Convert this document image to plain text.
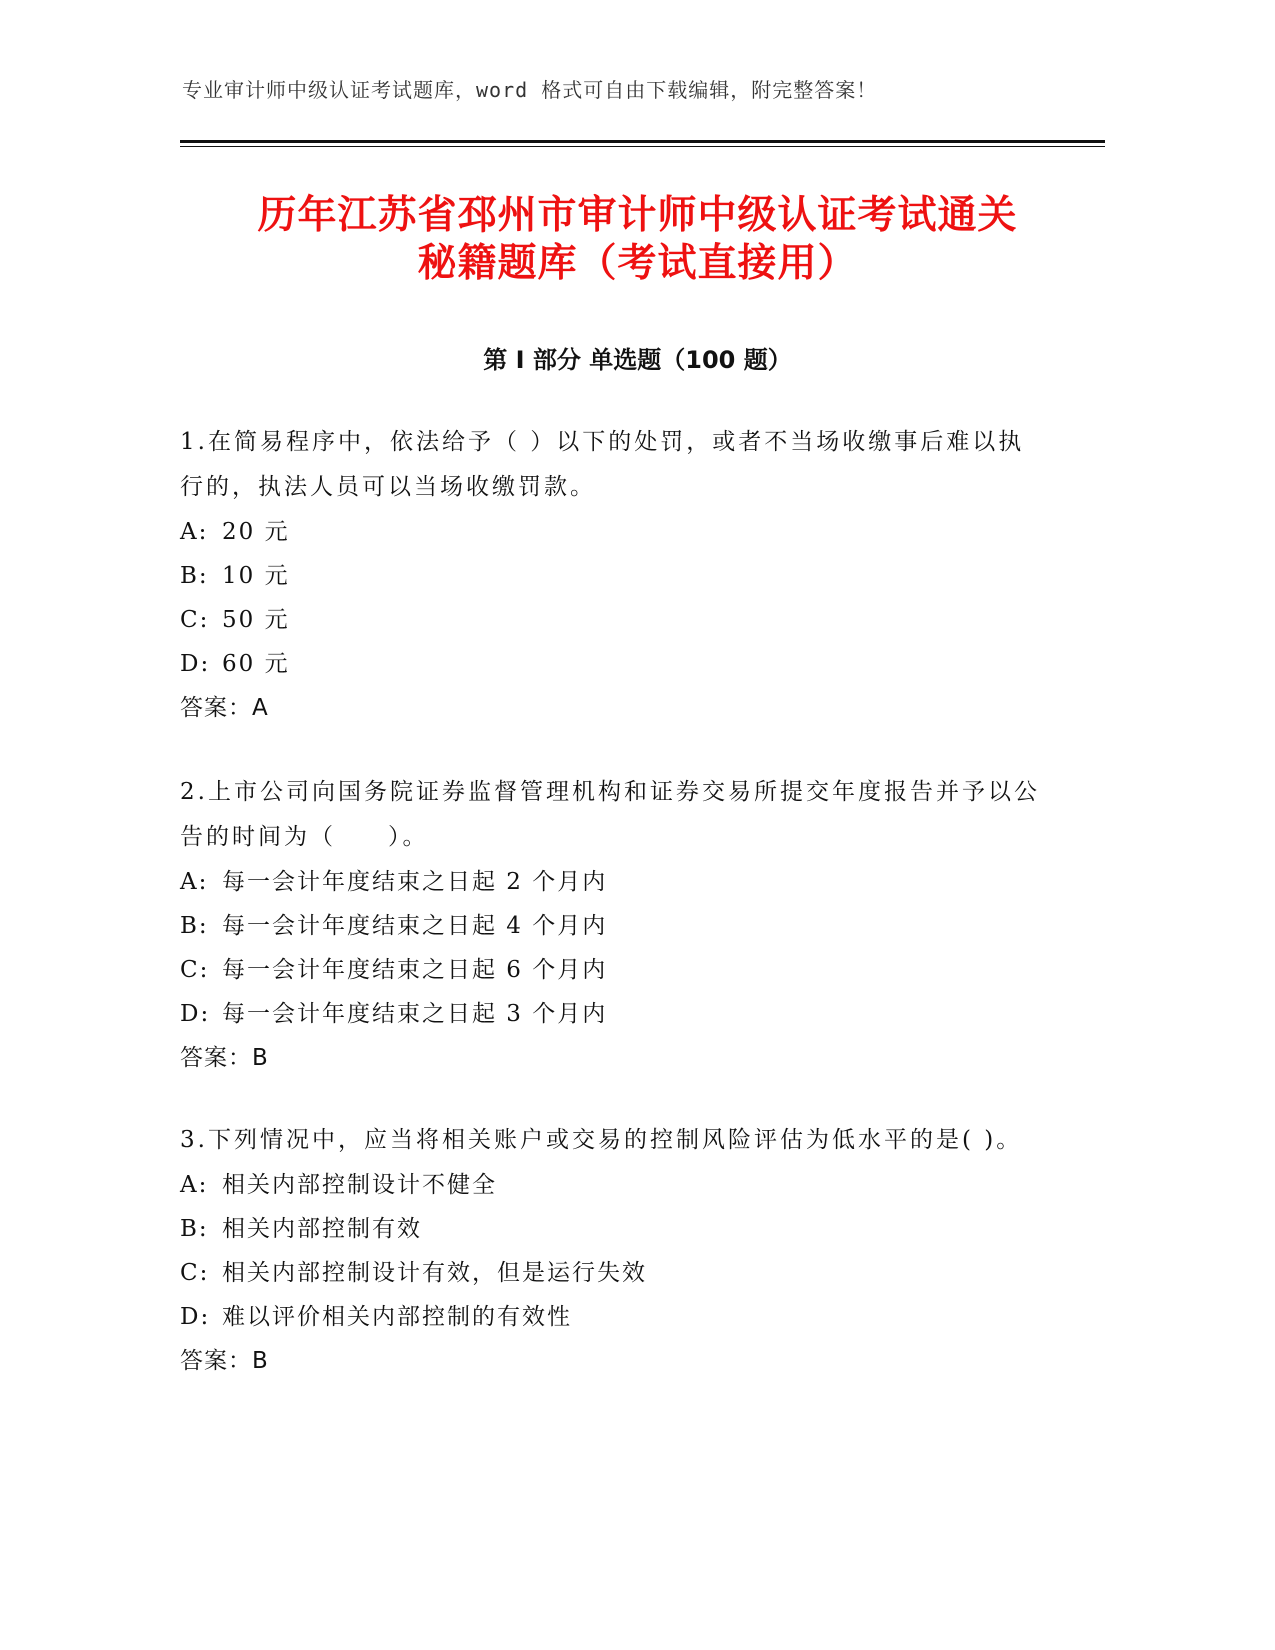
专业审计师中级认证考试题库，word 格式可自由下载编辑，附完整答案！
历年江苏省邳州市审计师中级认证考试通关
秘籍题库（考试直接用）
第 I 部分 单选题（100 题）

1.在简易程序中，依法给予（ ）以下的处罚，或者不当场收缴事后难以执行的，执法人员可以当场收缴罚款。

A: 20 元
B: 10 元
C: 50 元
D: 60 元
答案：A

2.上市公司向国务院证券监督管理机构和证券交易所提交年度报告并予以公告的时间为（　　）。

A: 每一会计年度结束之日起 2 个月内
B: 每一会计年度结束之日起 4 个月内
C: 每一会计年度结束之日起 6 个月内
D: 每一会计年度结束之日起 3 个月内
答案：B

3.下列情况中，应当将相关账户或交易的控制风险评估为低水平的是( )。

A: 相关内部控制设计不健全
B: 相关内部控制有效
C: 相关内部控制设计有效，但是运行失效
D: 难以评价相关内部控制的有效性
答案：B
